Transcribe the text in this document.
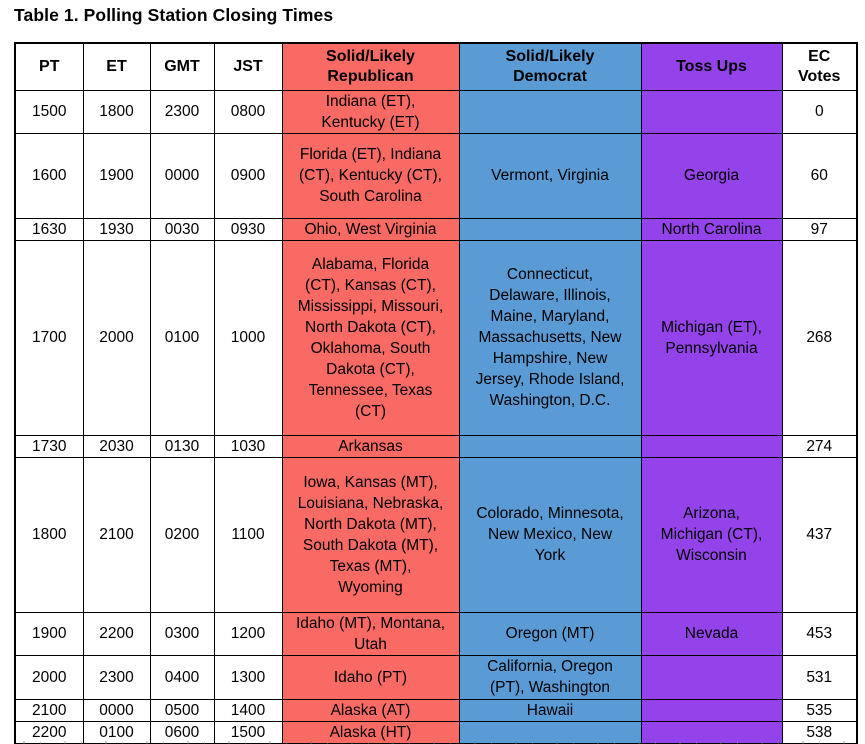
Table 1. Polling Station Closing Times
PT	ET	GMT	JST	Solid/Likely Republican	Solid/Likely Democrat	Toss Ups	EC Votes
1500	1800	2300	0800	Indiana (ET), Kentucky (ET)			0
1600	1900	0000	0900	Florida (ET), Indiana (CT), Kentucky (CT), South Carolina	Vermont, Virginia	Georgia	60
1630	1930	0030	0930	Ohio, West Virginia		North Carolina	97
1700	2000	0100	1000	Alabama, Florida (CT), Kansas (CT), Mississippi, Missouri, North Dakota (CT), Oklahoma, South Dakota (CT), Tennessee, Texas (CT)	Connecticut, Delaware, Illinois, Maine, Maryland, Massachusetts, New Hampshire, New Jersey, Rhode Island, Washington, D.C.	Michigan (ET), Pennsylvania	268
1730	2030	0130	1030	Arkansas			274
1800	2100	0200	1100	Iowa, Kansas (MT), Louisiana, Nebraska, North Dakota (MT), South Dakota (MT), Texas (MT), Wyoming	Colorado, Minnesota, New Mexico, New York	Arizona, Michigan (CT), Wisconsin	437
1900	2200	0300	1200	Idaho (MT), Montana, Utah	Oregon (MT)	Nevada	453
2000	2300	0400	1300	Idaho (PT)	California, Oregon (PT), Washington		531
2100	0000	0500	1400	Alaska (AT)	Hawaii		535
2200	0100	0600	1500	Alaska (HT)			538
